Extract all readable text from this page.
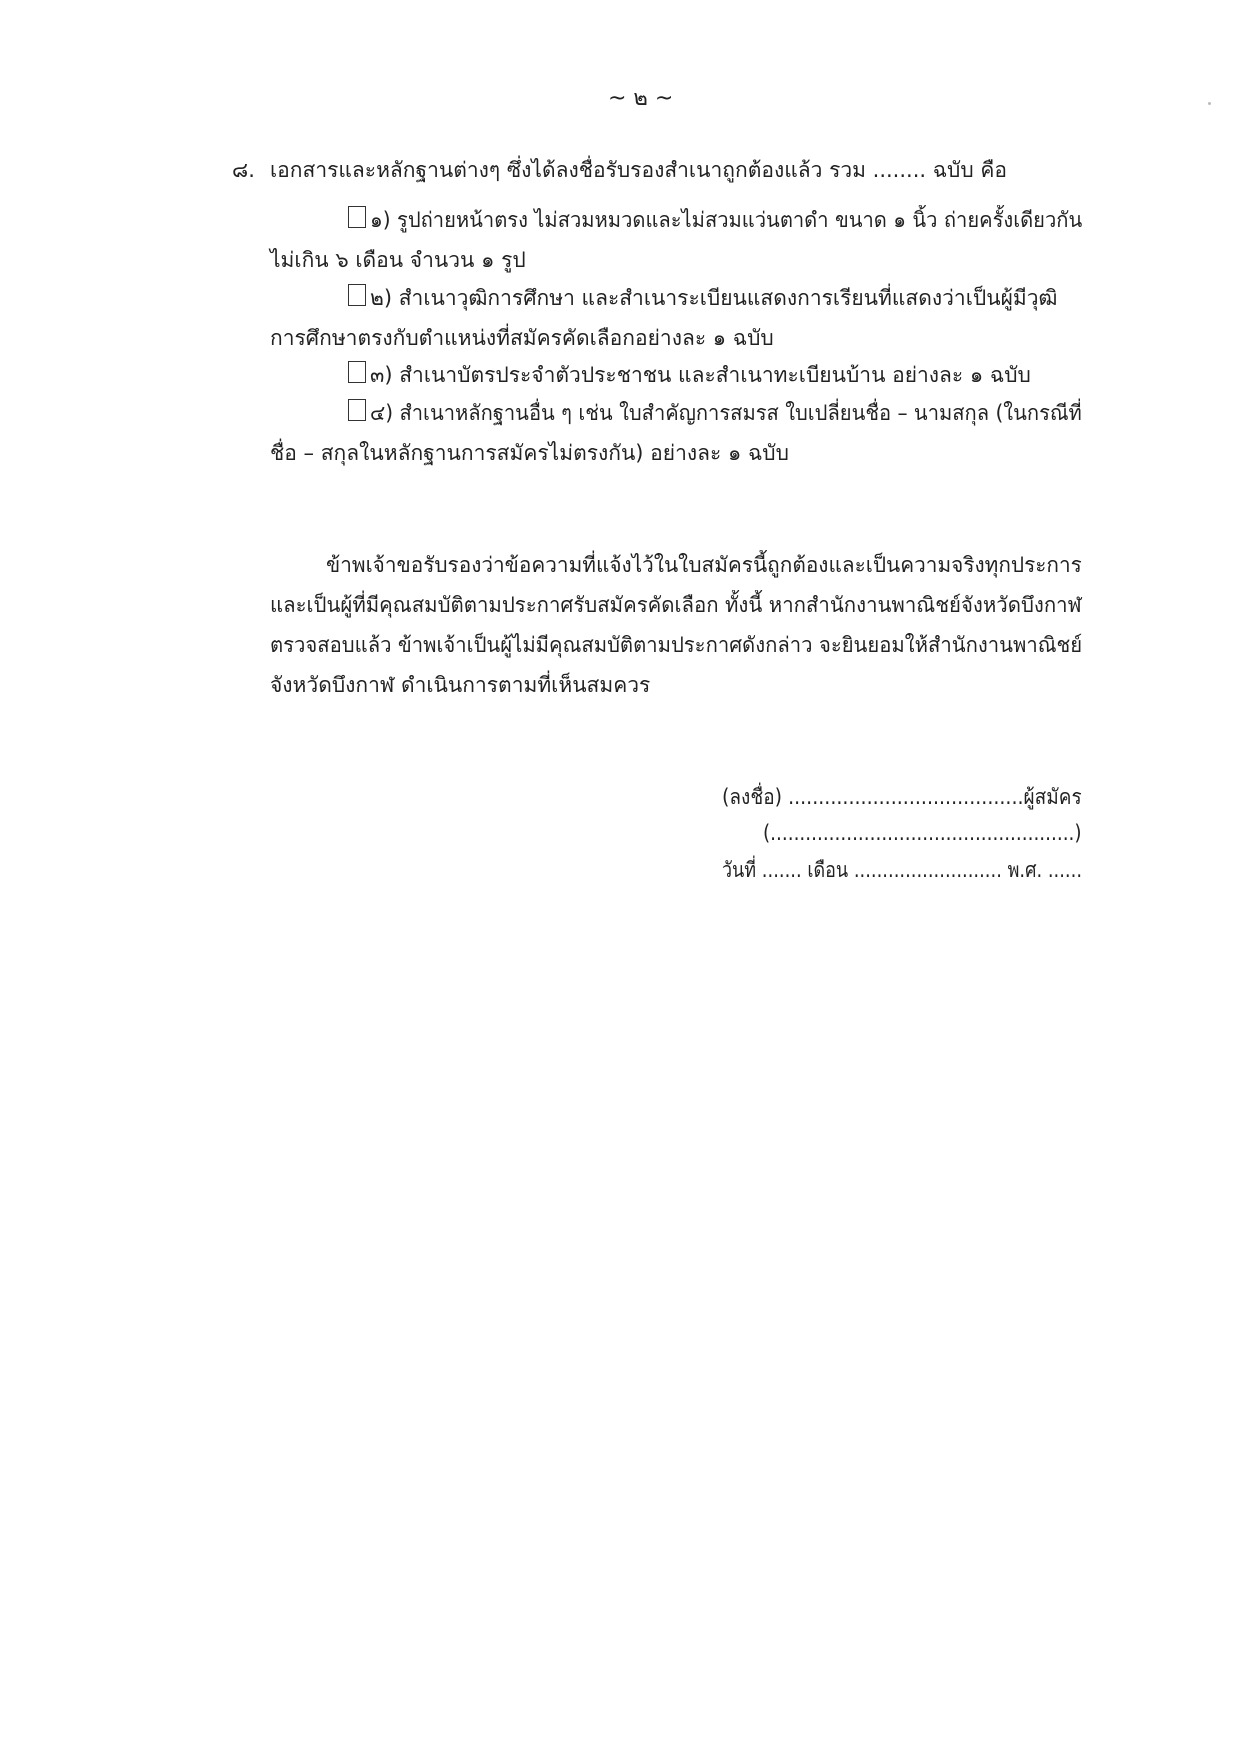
~ ๒ ~
๘. เอกสารและหลักฐานต่างๆ ซึ่งได้ลงชื่อรับรองสำเนาถูกต้องแล้ว รวม ........ ฉบับ คือ
๑) รูปถ่ายหน้าตรง ไม่สวมหมวดและไม่สวมแว่นตาดำ ขนาด ๑ นิ้ว ถ่ายครั้งเดียวกัน
ไม่เกิน ๖ เดือน จำนวน ๑ รูป
๒) สำเนาวุฒิการศึกษา และสำเนาระเบียนแสดงการเรียนที่แสดงว่าเป็นผู้มีวุฒิ
การศึกษาตรงกับตำแหน่งที่สมัครคัดเลือกอย่างละ ๑ ฉบับ
๓) สำเนาบัตรประจำตัวประชาชน และสำเนาทะเบียนบ้าน อย่างละ ๑ ฉบับ
๔) สำเนาหลักฐานอื่น ๆ เช่น ใบสำคัญการสมรส ใบเปลี่ยนชื่อ – นามสกุล (ในกรณีที่
ชื่อ – สกุลในหลักฐานการสมัครไม่ตรงกัน) อย่างละ ๑ ฉบับ
ข้าพเจ้าขอรับรองว่าข้อความที่แจ้งไว้ในใบสมัครนี้ถูกต้องและเป็นความจริงทุกประการ
และเป็นผู้ที่มีคุณสมบัติตามประกาศรับสมัครคัดเลือก ทั้งนี้ หากสำนักงานพาณิชย์จังหวัดบึงกาฬ
ตรวจสอบแล้ว ข้าพเจ้าเป็นผู้ไม่มีคุณสมบัติตามประกาศดังกล่าว จะยินยอมให้สำนักงานพาณิชย์
จังหวัดบึงกาฬ ดำเนินการตามที่เห็นสมควร
(ลงชื่อ) .......................................ผู้สมัคร
(....................................................)
วันที่ ....... เดือน .......................... พ.ศ. ......
